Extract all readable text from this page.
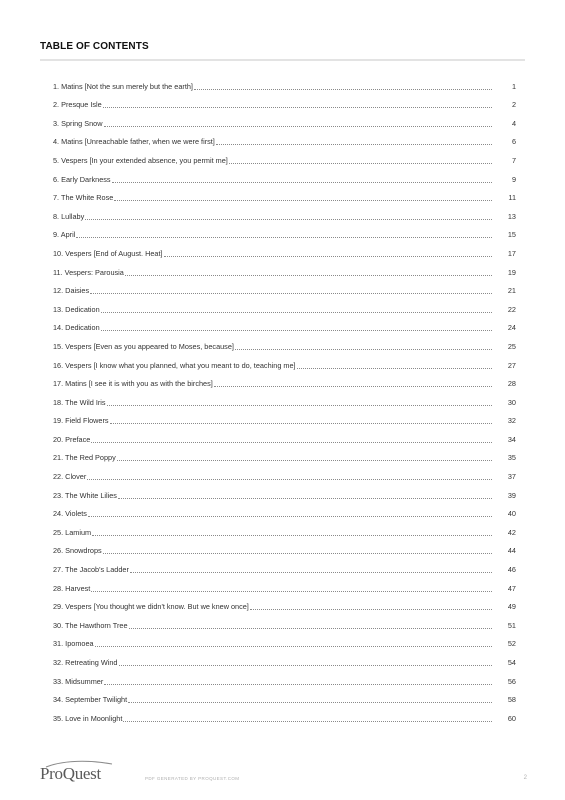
TABLE OF CONTENTS
1. Matins [Not the sun merely but the earth]	1
2. Presque Isle	2
3. Spring Snow	4
4. Matins [Unreachable father, when we were first]	6
5. Vespers [In your extended absence, you permit me]	7
6. Early Darkness	9
7. The White Rose	11
8. Lullaby	13
9. April	15
10. Vespers [End of August. Heat]	17
11. Vespers: Parousia	19
12. Daisies	21
13. Dedication	22
14. Dedication	24
15. Vespers [Even as you appeared to Moses, because]	25
16. Vespers [I know what you planned, what you meant to do, teaching me]	27
17. Matins [I see it is with you as with the birches]	28
18. The Wild Iris	30
19. Field Flowers	32
20. Preface	34
21. The Red Poppy	35
22. Clover	37
23. The White Lilies	39
24. Violets	40
25. Lamium	42
26. Snowdrops	44
27. The Jacob's Ladder	46
28. Harvest	47
29. Vespers [You thought we didn't know. But we knew once]	49
30. The Hawthorn Tree	51
31. Ipomoea	52
32. Retreating Wind	54
33. Midsummer	56
34. September Twilight	58
35. Love in Moonlight	60
ProQuest	PDF GENERATED BY PROQUEST.COM	2
